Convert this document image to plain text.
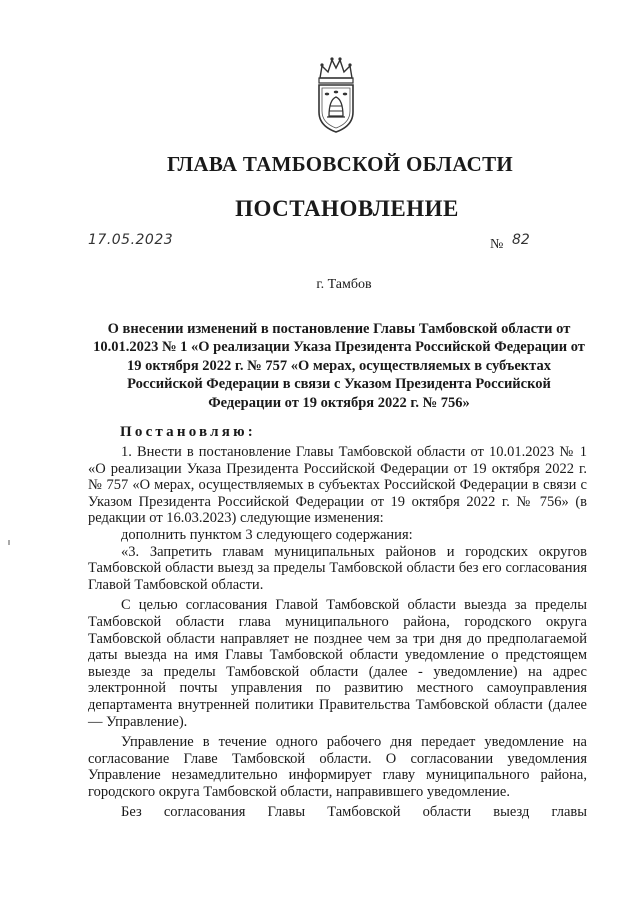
ГЛАВА ТАМБОВСКОЙ ОБЛАСТИ
ПОСТАНОВЛЕНИЕ
17.05.2023	№ 82
г. Тамбов
О внесении изменений в постановление Главы Тамбовской области от 10.01.2023 № 1 «О реализации Указа Президента Российской Федерации от 19 октября 2022 г. № 757 «О мерах, осуществляемых в субъектах Российской Федерации в связи с Указом Президента Российской Федерации от 19 октября 2022 г. № 756»
Постановляю:

1. Внести в постановление Главы Тамбовской области от 10.01.2023 № 1 «О реализации Указа Президента Российской Федерации от 19 октября 2022 г. № 757 «О мерах, осуществляемых в субъектах Российской Федерации в связи с Указом Президента Российской Федерации от 19 октября 2022 г. № 756» (в редакции от 16.03.2023) следующие изменения:

дополнить пунктом 3 следующего содержания:

«3. Запретить главам муниципальных районов и городских округов Тамбовской области выезд за пределы Тамбовской области без его согласования Главой Тамбовской области.

С целью согласования Главой Тамбовской области выезда за пределы Тамбовской области глава муниципального района, городского округа Тамбовской области направляет не позднее чем за три дня до предполагаемой даты выезда на имя Главы Тамбовской области уведомление о предстоящем выезде за пределы Тамбовской области (далее - уведомление) на адрес электронной почты управления по развитию местного самоуправления департамента внутренней политики Правительства Тамбовской области (далее — Управление).

Управление в течение одного рабочего дня передает уведомление на согласование Главе Тамбовской области. О согласовании уведомления Управление незамедлительно информирует главу муниципального района, городского округа Тамбовской области, направившего уведомление.

Без согласования Главы Тамбовской области выезд главы
